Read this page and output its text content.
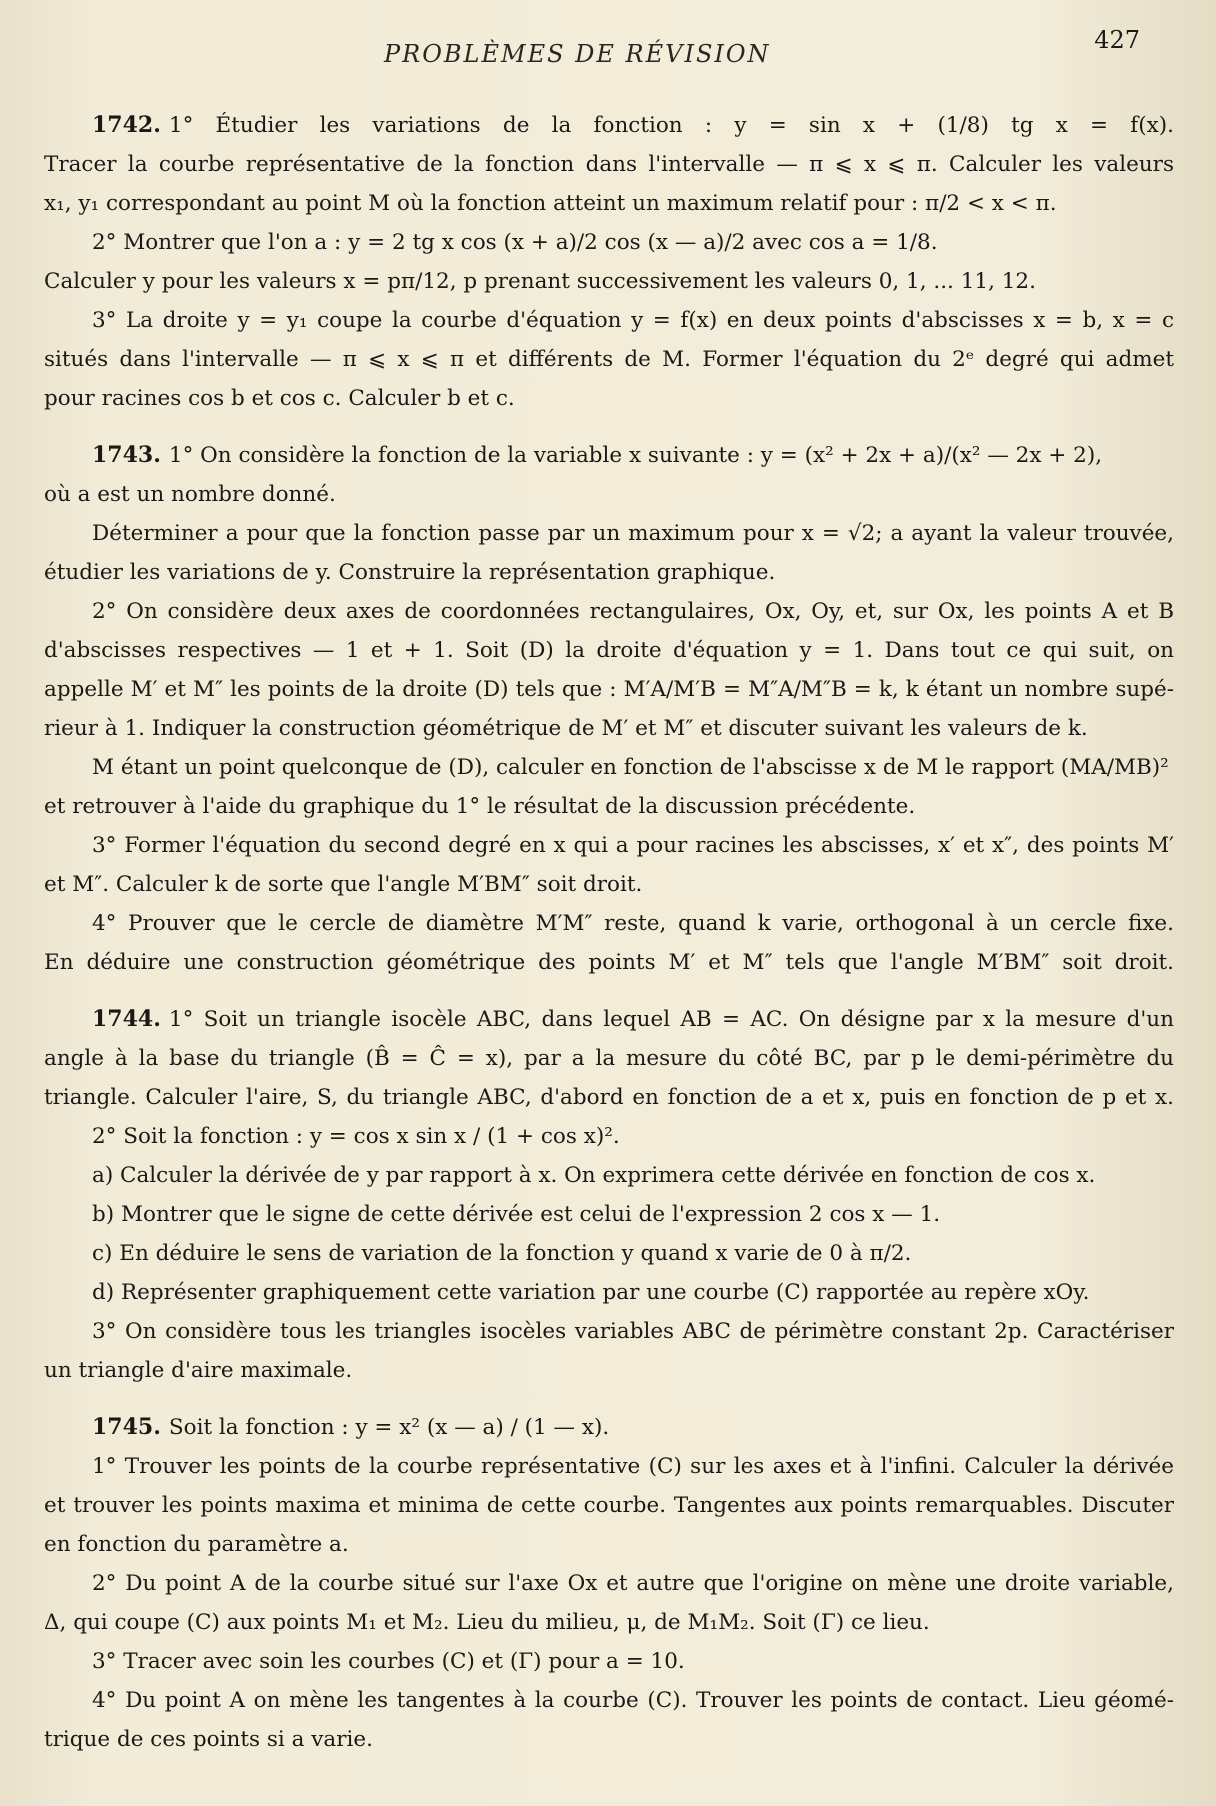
PROBLÈMES DE RÉVISION	427

1742. 1° Étudier les variations de la fonction : y = sin x + (1/8) tg x = f(x).

Tracer la courbe représentative de la fonction dans l'intervalle — π ⩽ x ⩽ π. Calculer les valeurs

x₁, y₁ correspondant au point M où la fonction atteint un maximum relatif pour : π/2 < x < π.

2° Montrer que l'on a : y = 2 tg x cos (x + a)/2 cos (x — a)/2 avec cos a = 1/8.

Calculer y pour les valeurs x = pπ/12, p prenant successivement les valeurs 0, 1, ... 11, 12.

3° La droite y = y₁ coupe la courbe d'équation y = f(x) en deux points d'abscisses x = b, x = c

situés dans l'intervalle — π ⩽ x ⩽ π et différents de M. Former l'équation du 2ᵉ degré qui admet

pour racines cos b et cos c. Calculer b et c.

1743. 1° On considère la fonction de la variable x suivante : y = (x² + 2x + a)/(x² — 2x + 2),

où a est un nombre donné.

Déterminer a pour que la fonction passe par un maximum pour x = √2; a ayant la valeur trouvée,

étudier les variations de y. Construire la représentation graphique.

2° On considère deux axes de coordonnées rectangulaires, Ox, Oy, et, sur Ox, les points A et B

d'abscisses respectives — 1 et + 1. Soit (D) la droite d'équation y = 1. Dans tout ce qui suit, on

appelle M′ et M″ les points de la droite (D) tels que : M′A/M′B = M″A/M″B = k, k étant un nombre supé-

rieur à 1. Indiquer la construction géométrique de M′ et M″ et discuter suivant les valeurs de k.

M étant un point quelconque de (D), calculer en fonction de l'abscisse x de M le rapport (MA/MB)²

et retrouver à l'aide du graphique du 1° le résultat de la discussion précédente.

3° Former l'équation du second degré en x qui a pour racines les abscisses, x′ et x″, des points M′

et M″. Calculer k de sorte que l'angle M′BM″ soit droit.

4° Prouver que le cercle de diamètre M′M″ reste, quand k varie, orthogonal à un cercle fixe.

En déduire une construction géométrique des points M′ et M″ tels que l'angle M′BM″ soit droit.

1744. 1° Soit un triangle isocèle ABC, dans lequel AB = AC. On désigne par x la mesure d'un

angle à la base du triangle (B̂ = Ĉ = x), par a la mesure du côté BC, par p le demi-périmètre du

triangle. Calculer l'aire, S, du triangle ABC, d'abord en fonction de a et x, puis en fonction de p et x.

2° Soit la fonction : y = cos x sin x / (1 + cos x)².

a) Calculer la dérivée de y par rapport à x. On exprimera cette dérivée en fonction de cos x.

b) Montrer que le signe de cette dérivée est celui de l'expression 2 cos x — 1.

c) En déduire le sens de variation de la fonction y quand x varie de 0 à π/2.

d) Représenter graphiquement cette variation par une courbe (C) rapportée au repère xOy.

3° On considère tous les triangles isocèles variables ABC de périmètre constant 2p. Caractériser

un triangle d'aire maximale.

1745. Soit la fonction : y = x² (x — a) / (1 — x).

1° Trouver les points de la courbe représentative (C) sur les axes et à l'infini. Calculer la dérivée

et trouver les points maxima et minima de cette courbe. Tangentes aux points remarquables. Discuter

en fonction du paramètre a.

2° Du point A de la courbe situé sur l'axe Ox et autre que l'origine on mène une droite variable,

Δ, qui coupe (C) aux points M₁ et M₂. Lieu du milieu, μ, de M₁M₂. Soit (Γ) ce lieu.

3° Tracer avec soin les courbes (C) et (Γ) pour a = 10.

4° Du point A on mène les tangentes à la courbe (C). Trouver les points de contact. Lieu géomé-

trique de ces points si a varie.
